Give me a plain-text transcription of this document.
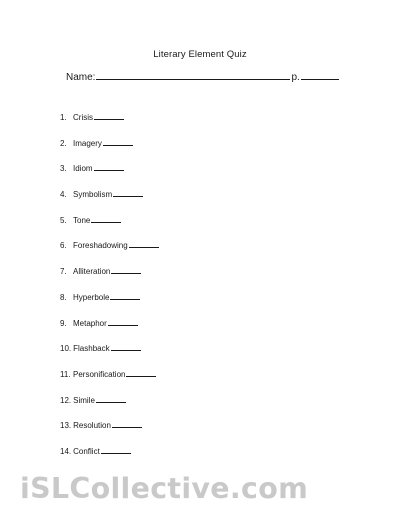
Literary Element Quiz
Name:	p.
1. Crisis
2. Imagery
3. Idiom
4. Symbolism
5. Tone
6. Foreshadowing
7. Alliteration
8. Hyperbole
9. Metaphor
10. Flashback
11. Personification
12. Simile
13. Resolution
14. Conflict
iSLCollective.com
